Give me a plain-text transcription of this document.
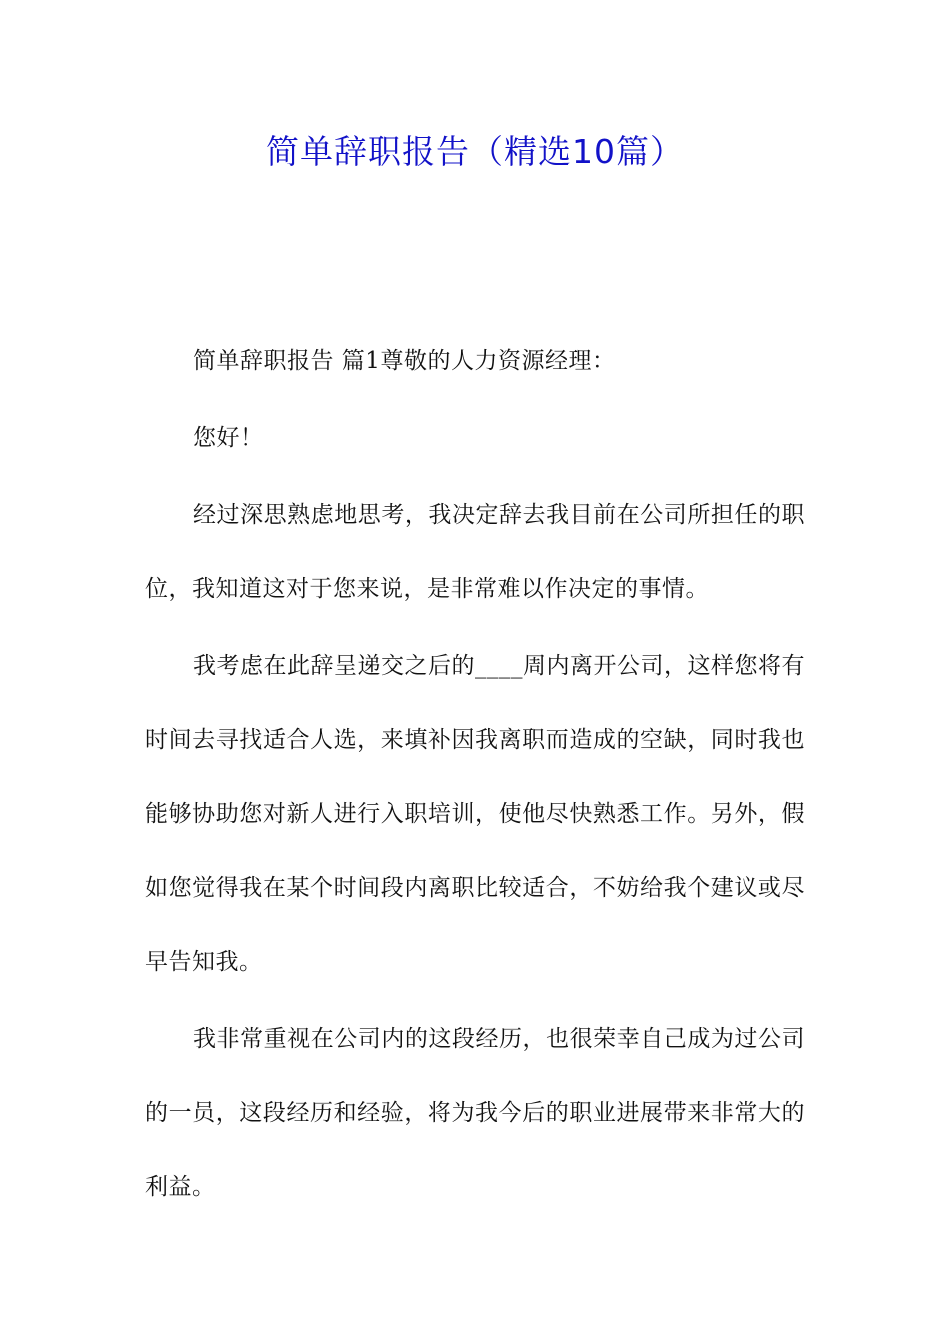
简单辞职报告（精选10篇）

简单辞职报告 篇1尊敬的人力资源经理：

您好！

经过深思熟虑地思考，我决定辞去我目前在公司所担任的职位，我知道这对于您来说，是非常难以作决定的事情。

我考虑在此辞呈递交之后的____周内离开公司，这样您将有时间去寻找适合人选，来填补因我离职而造成的空缺，同时我也能够协助您对新人进行入职培训，使他尽快熟悉工作。另外，假如您觉得我在某个时间段内离职比较适合，不妨给我个建议或尽早告知我。

我非常重视在公司内的这段经历，也很荣幸自己成为过公司的一员，这段经历和经验，将为我今后的职业进展带来非常大的利益。
